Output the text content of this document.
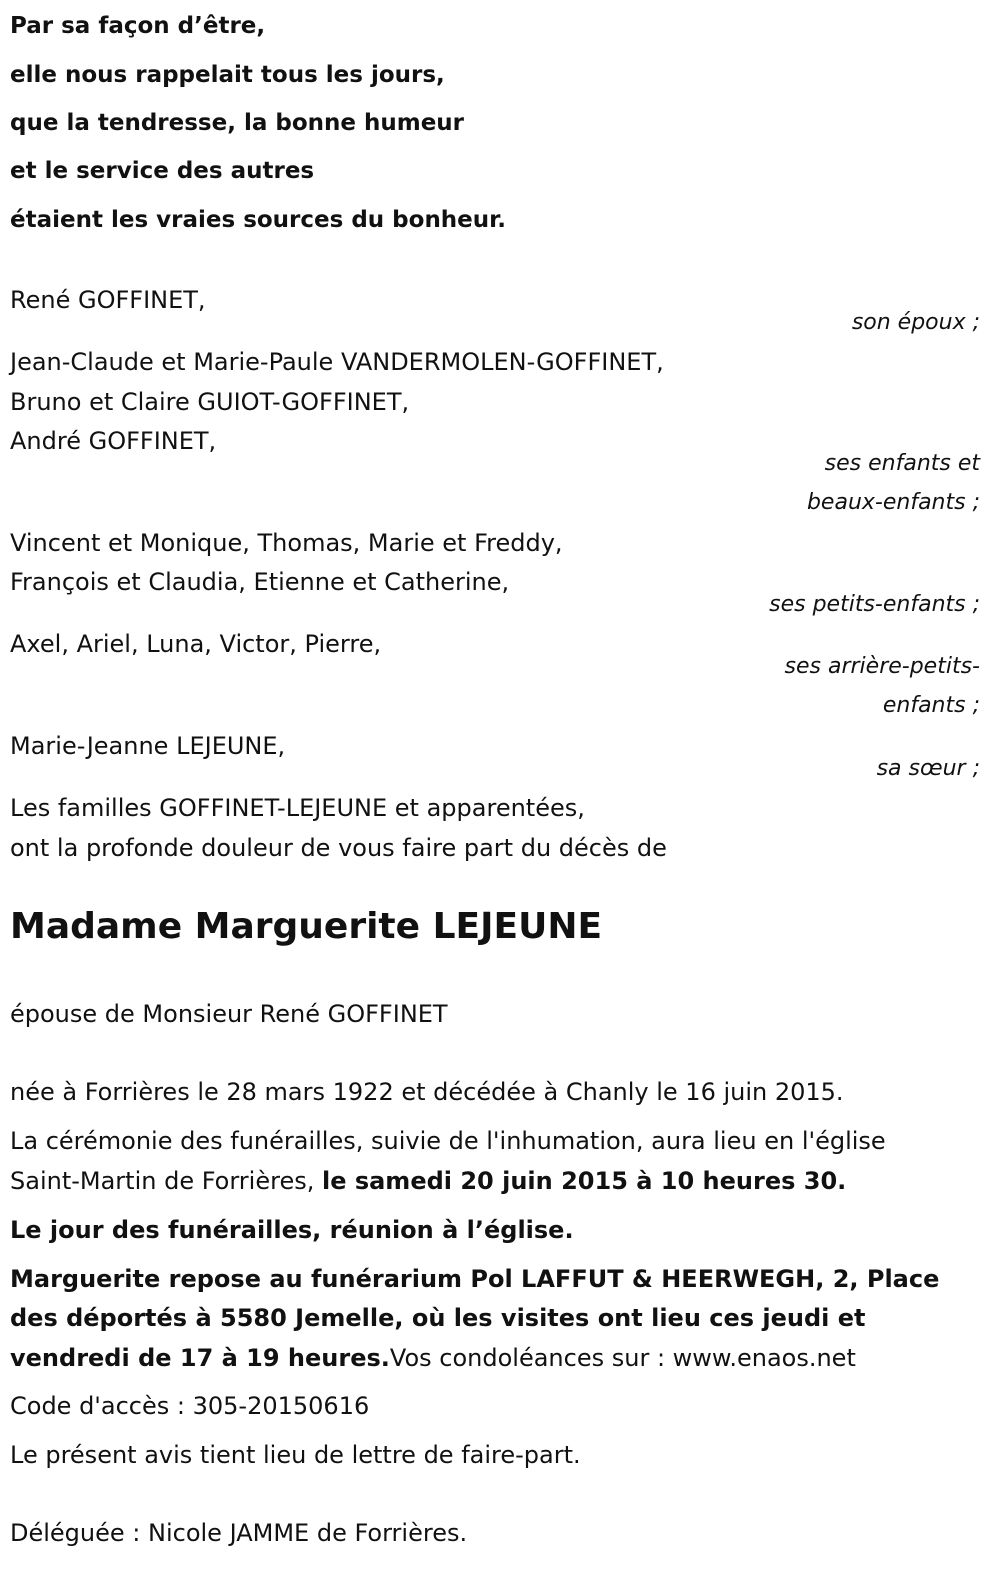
Par sa façon d’être,
elle nous rappelait tous les jours,
que la tendresse, la bonne humeur
et le service des autres
étaient les vraies sources du bonheur.
René GOFFINET,
son époux ;
Jean-Claude et Marie-Paule VANDERMOLEN-GOFFINET,
Bruno et Claire GUIOT-GOFFINET,
André GOFFINET,
ses enfants et
beaux-enfants ;
Vincent et Monique, Thomas, Marie et Freddy,
François et Claudia, Etienne et Catherine,
ses petits-enfants ;
Axel, Ariel, Luna, Victor, Pierre,
ses arrière-petits-
enfants ;
Marie-Jeanne LEJEUNE,
sa sœur ;
Les familles GOFFINET-LEJEUNE et apparentées,
ont la profonde douleur de vous faire part du décès de
Madame Marguerite LEJEUNE
épouse de Monsieur René GOFFINET
née à Forrières le 28 mars 1922 et décédée à Chanly le 16 juin 2015.
La cérémonie des funérailles, suivie de l'inhumation, aura lieu en l'église
Saint-Martin de Forrières, le samedi 20 juin 2015 à 10 heures 30.
Le jour des funérailles, réunion à l’église.
Marguerite repose au funérarium Pol LAFFUT & HEERWEGH, 2, Place
des déportés à 5580 Jemelle, où les visites ont lieu ces jeudi et
vendredi de 17 à 19 heures.Vos condoléances sur : www.enaos.net
Code d'accès : 305-20150616
Le présent avis tient lieu de lettre de faire-part.
Déléguée : Nicole JAMME de Forrières.
